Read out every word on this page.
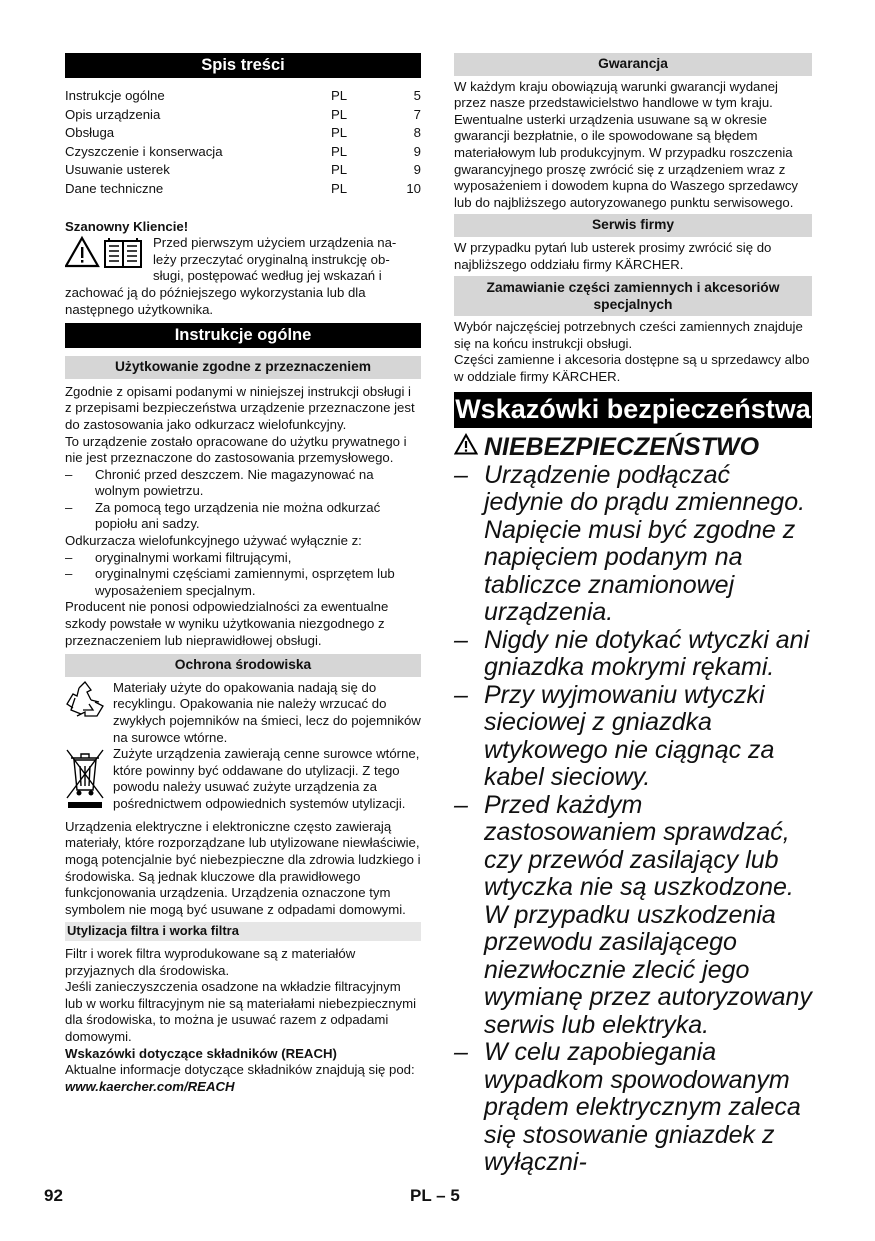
Spis treści
Instrukcje ogólne	PL	5
Opis urządzenia	PL	7
Obsługa	PL	8
Czyszczenie i konserwacja	PL	9
Usuwanie usterek	PL	9
Dane techniczne	PL	10

Szanowny Kliencie!

Przed pierwszym użyciem urządzenia na-

leży przeczytać oryginalną instrukcję ob-

sługi, postępować według jej wskazań i

zachować ją do późniejszego wykorzystania lub dla następnego użytkownika.

Instrukcje ogólne
Użytkowanie zgodne z przeznaczeniem

Zgodnie z opisami podanymi w niniejszej instrukcji obsługi i z przepisami bezpieczeństwa urządzenie przeznaczone jest do zastosowania jako odkurzacz wielofunkcyjny.

To urządzenie zostało opracowane do użytku prywatnego i nie jest przeznaczone do zastosowania przemysłowego.

–	Chronić przed deszczem. Nie magazynować na wolnym powietrzu.
–	Za pomocą tego urządzenia nie można odkurzać popiołu ani sadzy.

Odkurzacza wielofunkcyjnego używać wyłącznie z:

–	oryginalnymi workami filtrującymi,
–	oryginalnymi częściami zamiennymi, osprzętem lub wyposażeniem specjalnym.

Producent nie ponosi odpowiedzialności za ewentualne szkody powstałe w wyniku użytkowania niezgodnego z przeznaczeniem lub nieprawidłowej obsługi.

Ochrona środowiska

Materiały użyte do opakowania nadają się do recyklingu. Opakowania nie należy wrzucać do zwykłych pojemników na śmieci, lecz do pojemników na surowce wtórne.

Zużyte urządzenia zawierają cenne surowce wtórne, które powinny być oddawane do utylizacji. Z tego powodu należy usuwać zużyte urządzenia za pośrednictwem odpowiednich systemów utylizacji.

Urządzenia elektryczne i elektroniczne często zawierają materiały, które rozporządzane lub utylizowane niewłaściwie, mogą potencjalnie być niebezpieczne dla zdrowia ludzkiego i środowiska. Są jednak kluczowe dla prawidłowego funkcjonowania urządzenia. Urządzenia oznaczone tym symbolem nie mogą być usuwane z odpadami domowymi.

Utylizacja filtra i worka filtra

Filtr i worek filtra wyprodukowane są z materiałów przyjaznych dla środowiska.

Jeśli zanieczyszczenia osadzone na wkładzie filtracyjnym lub w worku filtracyjnym nie są materiałami niebezpiecznymi dla środowiska, to można je usuwać razem z odpadami domowymi.

Wskazówki dotyczące składników (REACH)

Aktualne informacje dotyczące składników znajdują się pod:

www.kaercher.com/REACH

Gwarancja

W każdym kraju obowiązują warunki gwarancji wydanej przez nasze przedstawicielstwo handlowe w tym kraju. Ewentualne usterki urządzenia usuwane są w okresie gwarancji bezpłatnie, o ile spowodowane są błędem materiałowym lub produkcyjnym. W przypadku roszczenia gwarancyjnego proszę zwrócić się z urządzeniem wraz z wyposażeniem i dowodem kupna do Waszego sprzedawcy lub do najbliższego autoryzowanego punktu serwisowego.

Serwis firmy

W przypadku pytań lub usterek prosimy zwrócić się do najbliższego oddziału firmy KÄRCHER.

Zamawianie części zamiennych i akcesoriów specjalnych

Wybór najczęściej potrzebnych cześci zamiennych znajduje się na końcu instrukcji obsługi.

Części zamienne i akcesoria dostępne są u sprzedawcy albo w oddziale firmy KÄRCHER.

Wskazówki bezpieczeństwa
NIEBEZPIECZEŃSTWO
– Urządzenie podłączać jedynie do prądu zmiennego. Napięcie musi być zgodne z napięciem podanym na tabliczce znamionowej urządzenia.
– Nigdy nie dotykać wtyczki ani gniazdka mokrymi rękami.
– Przy wyjmowaniu wtyczki sieciowej z gniazdka wtykowego nie ciągnąc za kabel sieciowy.
– Przed każdym zastosowaniem sprawdzać, czy przewód zasilający lub wtyczka nie są uszkodzone. W przypadku uszkodzenia przewodu zasilającego niezwłocznie zlecić jego wymianę przez autoryzowany serwis lub elektryka.
– W celu zapobiegania wypadkom spowodowanym prądem elektrycznym zaleca się stosowanie gniazdek z wyłączni-
92	PL – 5
